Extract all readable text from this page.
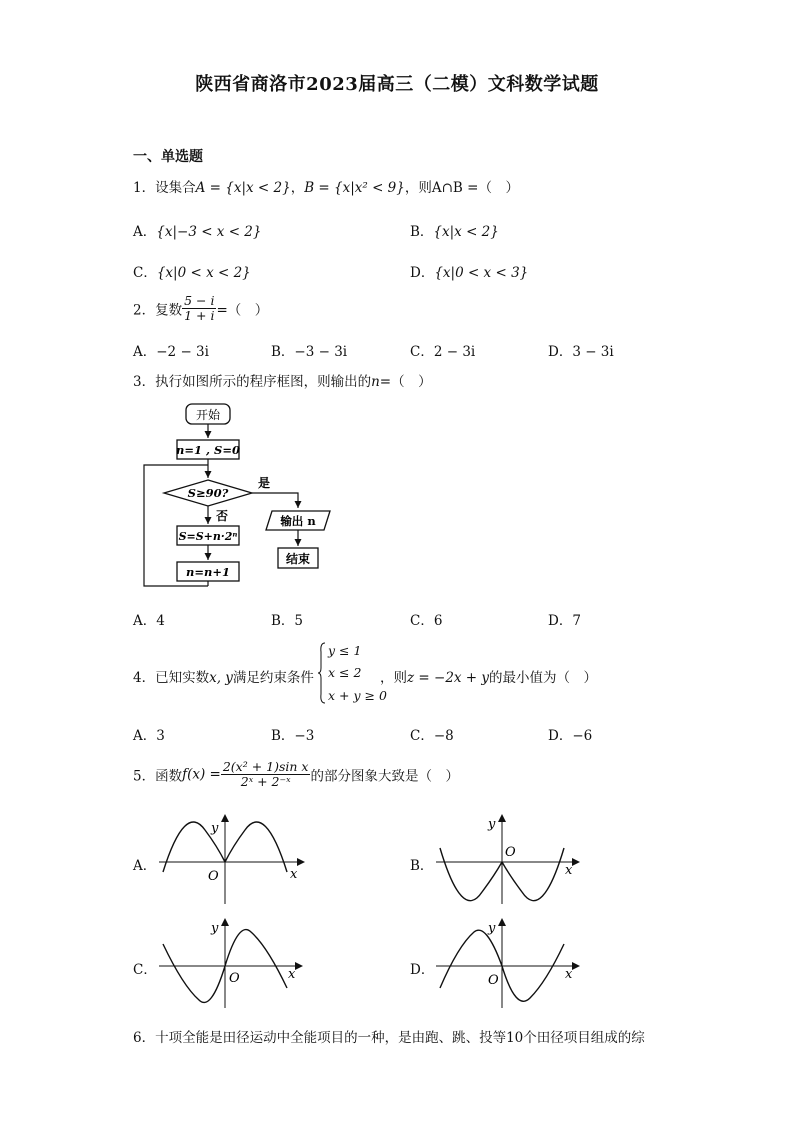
陕西省商洛市2023届高三（二模）文科数学试题
一、单选题
1．设集合A = {x|x < 2}，B = {x|x² < 9}，则A∩B =（　）
A．{x|−3 < x < 2}	B．{x|x < 2}
C．{x|0 < x < 2}	D．{x|0 < x < 3}
2．复数 $\frac{5 - i}{1 + i}$ =（　）
A．−2 − 3i	B．−3 − 3i	C．2 − 3i	D．3 − 3i
3．执行如图所示的程序框图，则输出的n=（　）
开始
n=1 , S=0
S≥90?
是
输出 n
结束
否
S=S+n·2ⁿ
n=n+1
A．4	B．5	C．6	D．7
4．已知实数x, y满足约束条件
y ≤ 1
x ≤ 2
x + y ≥ 0
，则z = −2x + y的最小值为（　）
A．3	B．−3	C．−8	D．−6
5．函数$f(x) = \frac{\text{2(x² + 1)sin x}}{\text{2ˣ + 2⁻ˣ}}$ 的部分图象大致是（　）
A．
y
x
O
B．
y
x
O
C．
y
x
O
D．
y
x
O
6．十项全能是田径运动中全能项目的一种，是由跑、跳、投等10个田径项目组成的综
